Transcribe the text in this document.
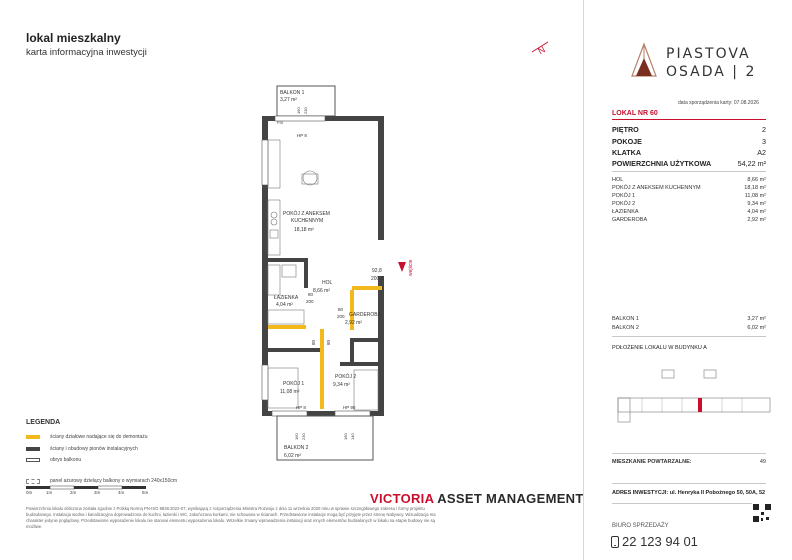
lokal mieszkalny
karta informacyjna inwestycji	N
BALKON 1
3,27 m²
160 230
HP 8
FIX
POKÓJ Z ANEKSEM
KUCHENNYM
18,18 m²
HOL
8,66 m²
ŁAZIENKA
4,04 m²
GARDEROBA
2,92 m²
POKÓJ 1
11,08 m²
POKÓJ 2
9,34 m²
HP 8	HP 90
92,8
200,6
80
200
80
200
80 80
wejście
BALKON 2
6,02 m²
160 230	160 140
LEGENDA
ściany działowe nadające się do demontażu
ściany i obudowy pionów instalacyjnych
obrys balkonu
panel ażurowy dzielący balkony o wymiarach 240x150cm
0m	1m	2m	3m	4m	5m	VICTORIA ASSET MANAGEMENT
Powierzchnia lokalu obliczona została zgodnie z Polską Normą PN-ISO 9836:2022-07, wynikającą z rozporządzenia Ministra Rozwoju z dnia 11 września 2020 roku w sprawie szczegółowego zakresu i formy projektu budowlanego. Instalacja wodna i kanalizacyjna doprowadzona do kuchni, łazienki i WC, zakończona korkami, nie schowana w ścianach. Przedstawione instalacje mogą być przyjęte przez stronę Nabywcy. Wizualizacja ma charakter jedynie poglądowy. Przedstawione wyposażenie lokalu nie stanowi elementu wyposażenia lokalu. Wszelkie zmiany wprowadzenia instalacji oraz innych elementów budowlanych w lokalu na etapie budowy nie są możliwe.
PIASTOVA
OSADA | 2
data sporządzenia karty: 07.08.2026
LOKAL NR 60
PIĘTRO	2
POKOJE	3
KLATKA	A2
POWIERZCHNIA UŻYTKOWA	54,22 m²
HOL	8,66 m²
POKÓJ Z ANEKSEM KUCHENNYM	18,18 m²
POKÓJ 1	11,08 m²
POKÓJ 2	9,34 m²
ŁAZIENKA	4,04 m²
GARDEROBA	2,92 m²
BALKON 1	3,27 m²
BALKON 2	6,02 m²
POŁOŻENIE LOKALU W BUDYNKU A
MIESZKANIE POWTARZALNE:	49
ADRES INWESTYCJI: ul. Henryka II Pobożnego 50, 50A, 52
BIURO SPRZEDAŻY
22 123 94 01
